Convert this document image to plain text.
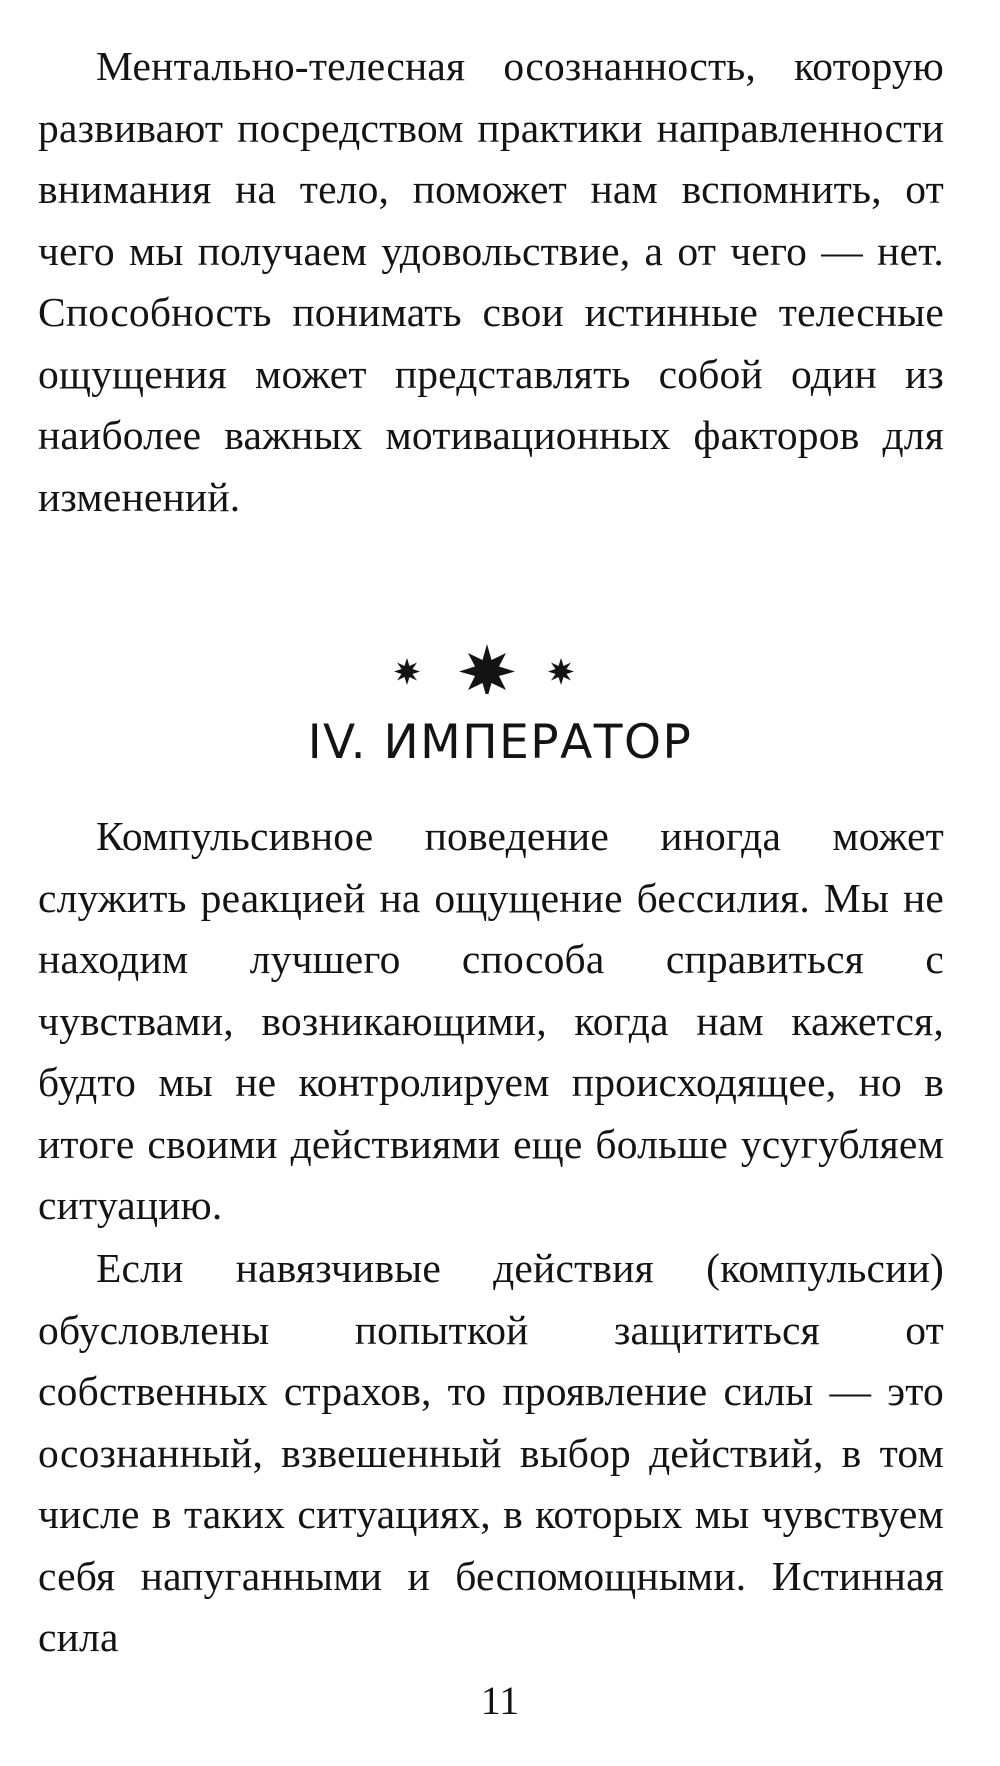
Ментально-телесная осознанность, которую развивают посредством практики направленности внимания на тело, поможет нам вспомнить, от чего мы получаем удовольствие, а от чего — нет. Способность понимать свои истинные телесные ощущения может представлять собой один из наиболее важных мотивационных факторов для изменений.

IV. ИМПЕРАТОР

Компульсивное поведение иногда может служить реакцией на ощущение бессилия. Мы не находим лучшего способа справиться с чувствами, возникающими, когда нам кажется, будто мы не контролируем происходящее, но в итоге своими действиями еще больше усугубляем ситуацию.

Если навязчивые действия (компульсии) обусловлены попыткой защититься от собственных страхов, то проявление силы — это осознанный, взвешенный выбор действий, в том числе в таких ситуациях, в которых мы чувствуем себя напуганными и беспомощными. Истинная сила

11
